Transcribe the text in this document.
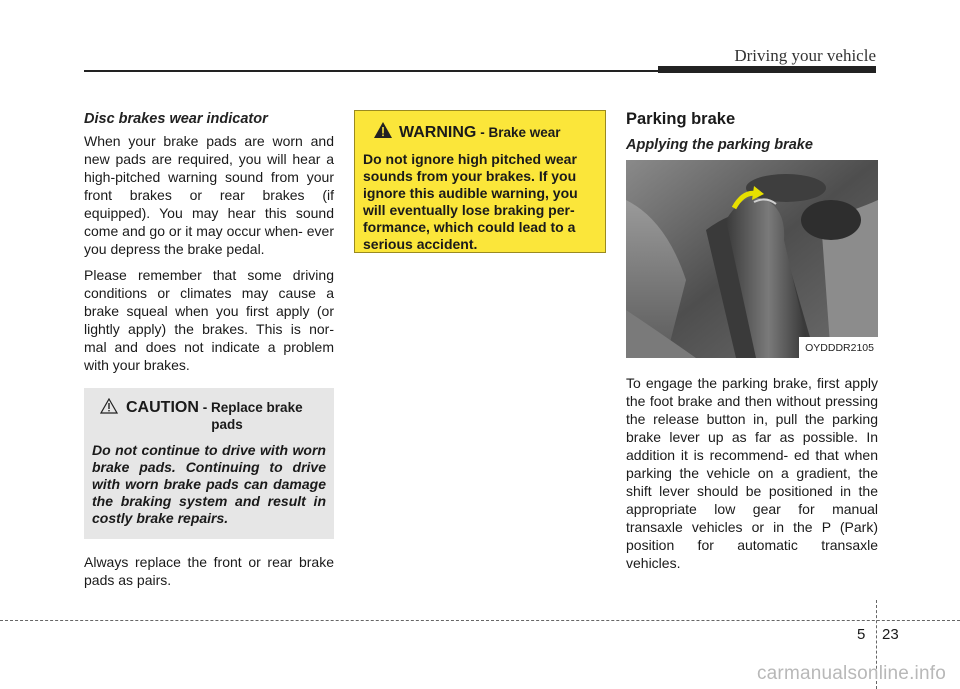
Driving your vehicle

Disc brakes wear indicator

When your brake pads are worn and new pads are required, you will hear a high-pitched warning sound from your front brakes or rear brakes (if equipped). You may hear this sound come and go or it may occur when- ever you depress the brake pedal.

Please remember that some driving conditions or climates may cause a brake squeal when you first apply (or lightly apply) the brakes. This is nor- mal and does not indicate a problem with your brakes.

CAUTION - Replace brake
pads
Do not continue to drive with worn brake pads. Continuing to drive with worn brake pads can damage the braking system and result in costly brake repairs.

Always replace the front or rear brake pads as pairs.

WARNING - Brake wear
Do not ignore high pitched wear sounds from your brakes. If you ignore this audible warning, you will eventually lose braking per- formance, which could lead to a serious accident.

Parking brake

Applying the parking brake

OYDDDR2105

To engage the parking brake, first apply the foot brake and then without pressing the release button in, pull the parking brake lever up as far as possible. In addition it is recommend- ed that when parking the vehicle on a gradient, the shift lever should be positioned in the appropriate low gear for manual transaxle vehicles or in the P (Park) position for automatic transaxle vehicles.

5 23
carmanualsonline.info
